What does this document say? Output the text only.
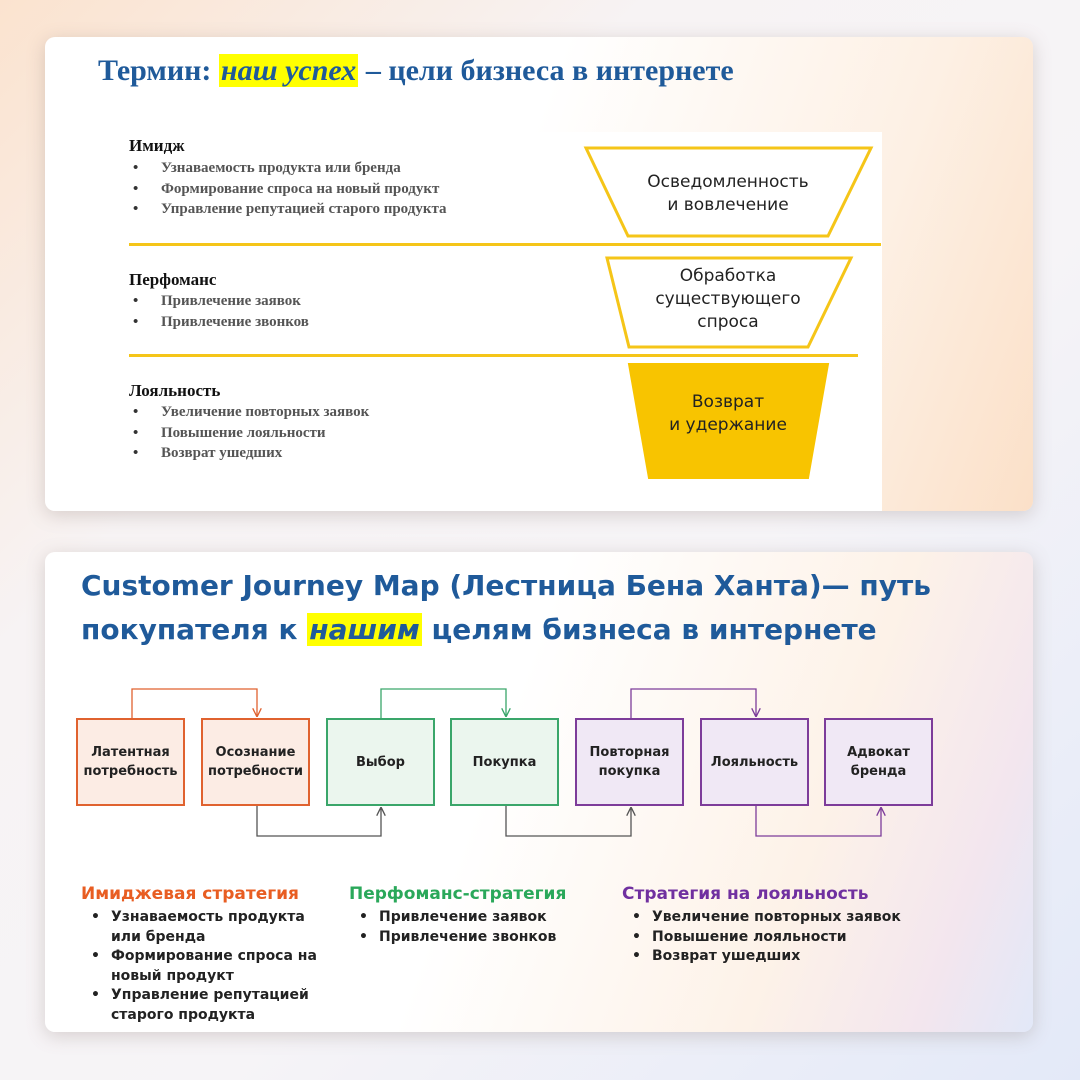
Термин: наш успех – цели бизнеса в интернете
Имидж
• Узнаваемость продукта или бренда
• Формирование спроса на новый продукт
• Управление репутацией старого продукта
Перфоманс
• Привлечение заявок
• Привлечение звонков
Лояльность
• Увеличение повторных заявок
• Повышение лояльности
• Возврат ушедших
Осведомленность
и вовлечение
Обработка
существующего
спроса
Возврат
и удержание
Customer Journey Map (Лестница Бена Ханта)— путь покупателя к нашим целям бизнеса в интернете
Латентная потребность
Осознание потребности
Выбор	Покупка
Повторная покупка
Лояльность
Адвокат бренда
Имиджевая стратегия
• Узнаваемость продукта или бренда
• Формирование спроса на новый продукт
• Управление репутацией старого продукта
Перфоманс-стратегия
• Привлечение заявок
• Привлечение звонков
Стратегия на лояльность
• Увеличение повторных заявок
• Повышение лояльности
• Возврат ушедших
